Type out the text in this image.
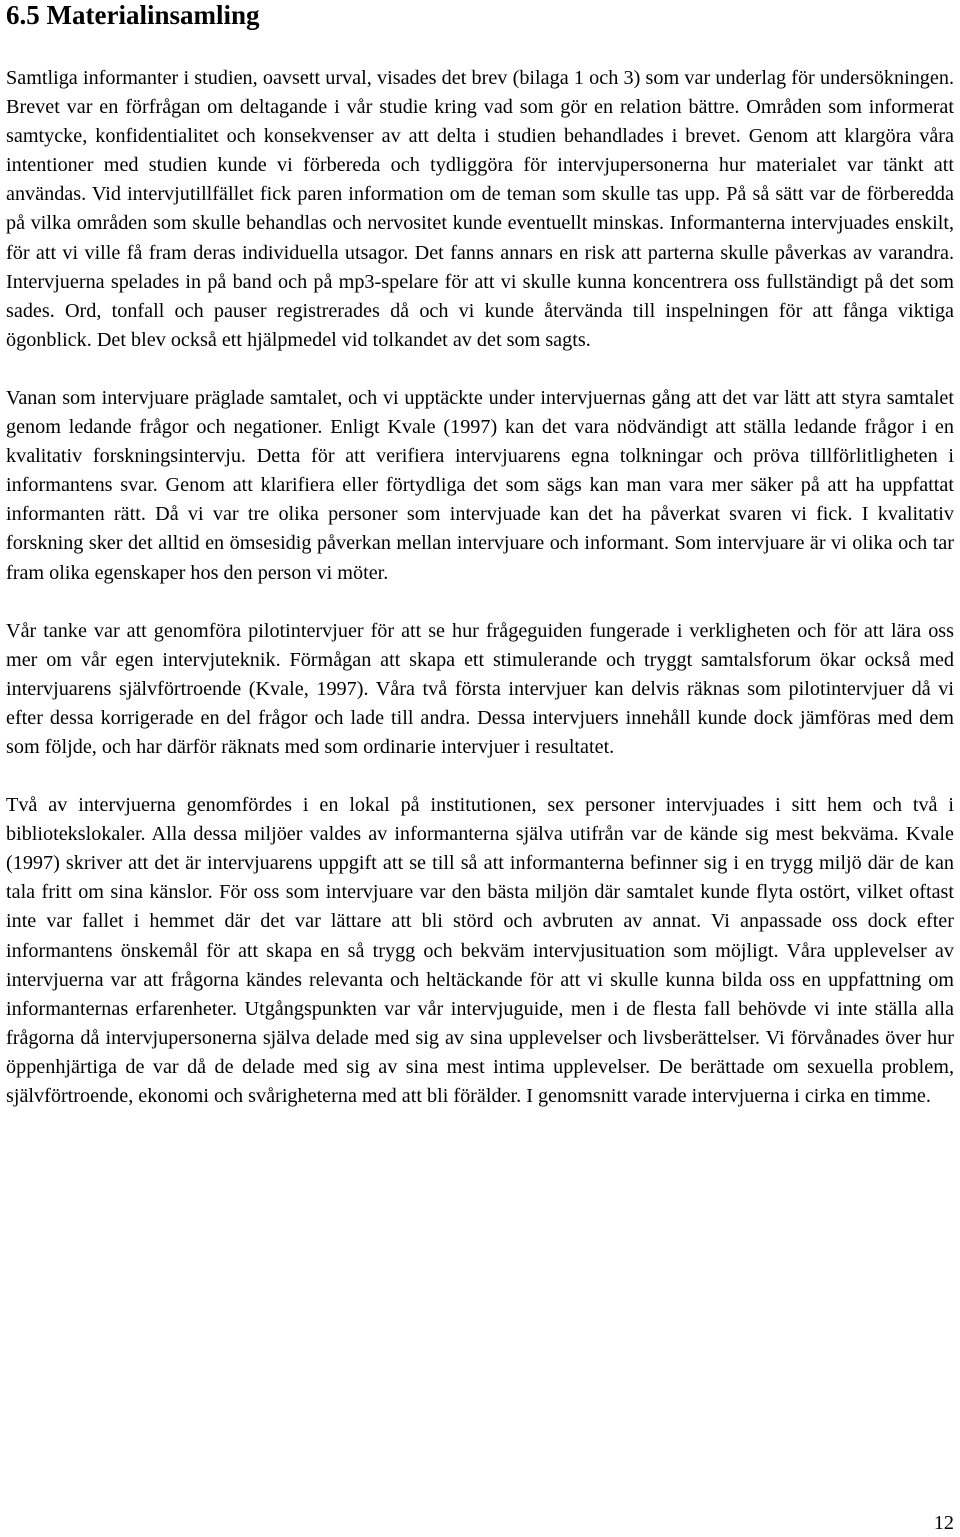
6.5 Materialinsamling

Samtliga informanter i studien, oavsett urval, visades det brev (bilaga 1 och 3) som var underlag för undersökningen. Brevet var en förfrågan om deltagande i vår studie kring vad som gör en relation bättre. Områden som informerat samtycke, konfidentialitet och konsekvenser av att delta i studien behandlades i brevet. Genom att klargöra våra intentioner med studien kunde vi förbereda och tydliggöra för intervjupersonerna hur materialet var tänkt att användas. Vid intervjutillfället fick paren information om de teman som skulle tas upp. På så sätt var de förberedda på vilka områden som skulle behandlas och nervositet kunde eventuellt minskas. Informanterna intervjuades enskilt, för att vi ville få fram deras individuella utsagor. Det fanns annars en risk att parterna skulle påverkas av varandra. Intervjuerna spelades in på band och på mp3-spelare för att vi skulle kunna koncentrera oss fullständigt på det som sades. Ord, tonfall och pauser registrerades då och vi kunde återvända till inspelningen för att fånga viktiga ögonblick. Det blev också ett hjälpmedel vid tolkandet av det som sagts.

Vanan som intervjuare präglade samtalet, och vi upptäckte under intervjuernas gång att det var lätt att styra samtalet genom ledande frågor och negationer. Enligt Kvale (1997) kan det vara nödvändigt att ställa ledande frågor i en kvalitativ forskningsintervju. Detta för att verifiera intervjuarens egna tolkningar och pröva tillförlitligheten i informantens svar. Genom att klarifiera eller förtydliga det som sägs kan man vara mer säker på att ha uppfattat informanten rätt. Då vi var tre olika personer som intervjuade kan det ha påverkat svaren vi fick. I kvalitativ forskning sker det alltid en ömsesidig påverkan mellan intervjuare och informant. Som intervjuare är vi olika och tar fram olika egenskaper hos den person vi möter.

Vår tanke var att genomföra pilotintervjuer för att se hur frågeguiden fungerade i verkligheten och för att lära oss mer om vår egen intervjuteknik. Förmågan att skapa ett stimulerande och tryggt samtalsforum ökar också med intervjuarens självförtroende (Kvale, 1997). Våra två första intervjuer kan delvis räknas som pilotintervjuer då vi efter dessa korrigerade en del frågor och lade till andra. Dessa intervjuers innehåll kunde dock jämföras med dem som följde, och har därför räknats med som ordinarie intervjuer i resultatet.

Två av intervjuerna genomfördes i en lokal på institutionen, sex personer intervjuades i sitt hem och två i bibliotekslokaler. Alla dessa miljöer valdes av informanterna själva utifrån var de kände sig mest bekväma. Kvale (1997) skriver att det är intervjuarens uppgift att se till så att informanterna befinner sig i en trygg miljö där de kan tala fritt om sina känslor. För oss som intervjuare var den bästa miljön där samtalet kunde flyta ostört, vilket oftast inte var fallet i hemmet där det var lättare att bli störd och avbruten av annat. Vi anpassade oss dock efter informantens önskemål för att skapa en så trygg och bekväm intervjusituation som möjligt. Våra upplevelser av intervjuerna var att frågorna kändes relevanta och heltäckande för att vi skulle kunna bilda oss en uppfattning om informanternas erfarenheter. Utgångspunkten var vår intervjuguide, men i de flesta fall behövde vi inte ställa alla frågorna då intervjupersonerna själva delade med sig av sina upplevelser och livsberättelser. Vi förvånades över hur öppenhjärtiga de var då de delade med sig av sina mest intima upplevelser. De berättade om sexuella problem, självförtroende, ekonomi och svårigheterna med att bli förälder. I genomsnitt varade intervjuerna i cirka en timme.

12
